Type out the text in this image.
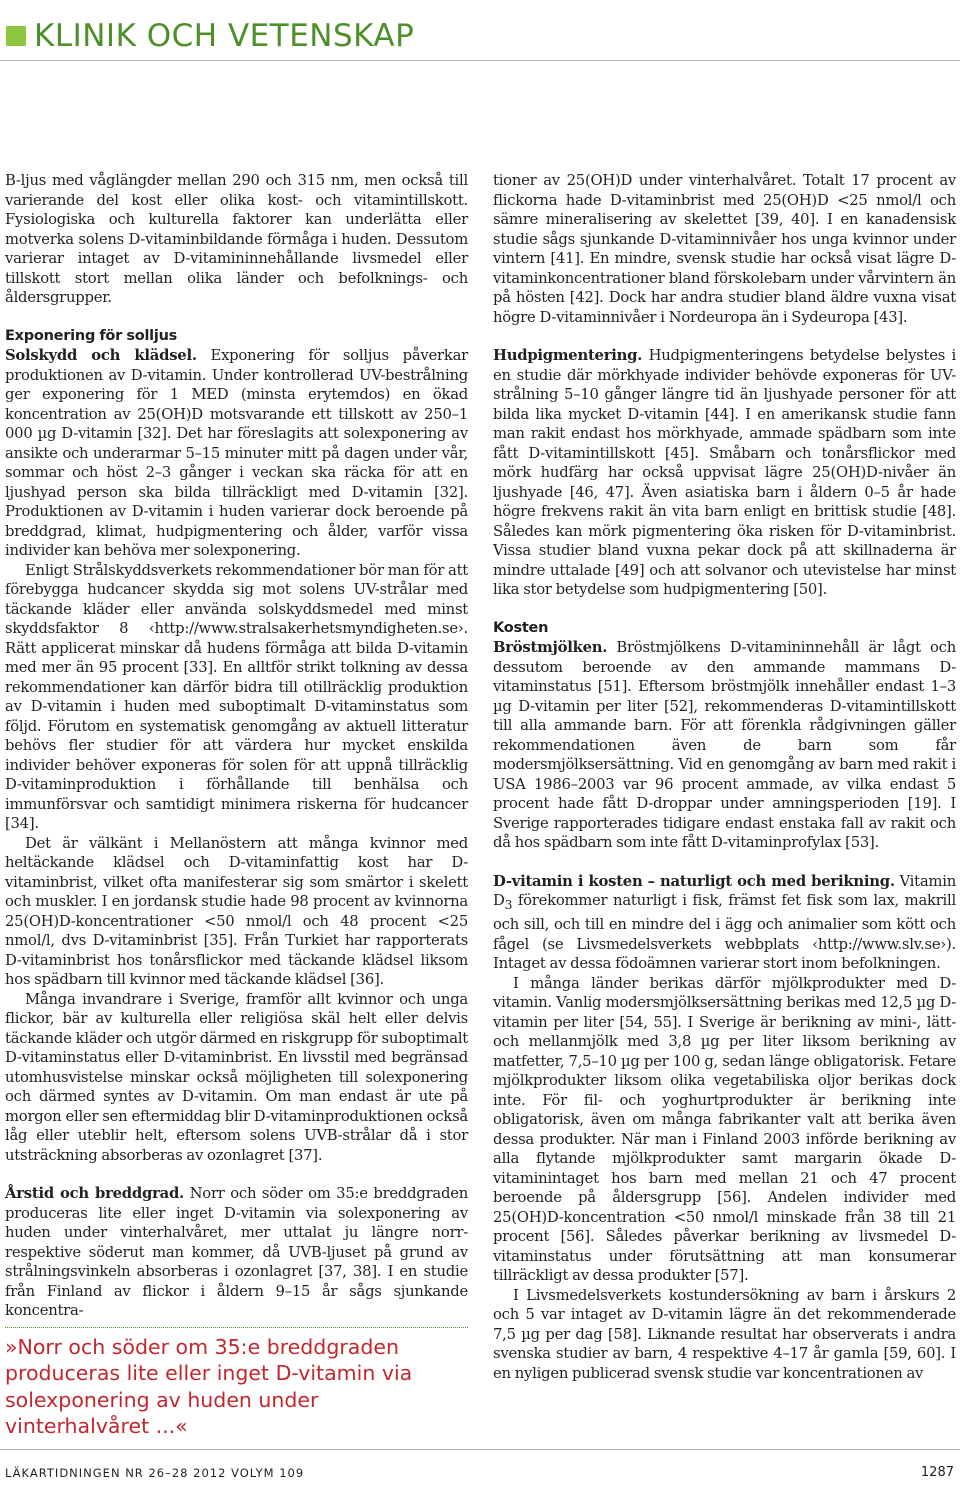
KLINIK OCH VETENSKAP

B-ljus med våglängder mellan 290 och 315 nm, men också till varierande del kost eller olika kost- och vitamintillskott. Fysiologiska och kulturella faktorer kan underlätta eller motverka solens D-vitaminbildande förmåga i huden. Dessutom varierar intaget av D-vitamininnehållande livsmedel eller tillskott stort mellan olika länder och befolknings- och åldersgrupper.

Exponering för solljus

Solskydd och klädsel. Exponering för solljus påverkar produktionen av D-vitamin. Under kontrollerad UV-bestrålning ger exponering för 1 MED (minsta erytemdos) en ökad koncentration av 25(OH)D motsvarande ett tillskott av 250–1 000 µg D-vitamin [32]. Det har föreslagits att solexponering av ansikte och underarmar 5–15 minuter mitt på dagen under vår, sommar och höst 2–3 gånger i veckan ska räcka för att en ljushyad person ska bilda tillräckligt med D-vitamin [32]. Produktionen av D-vitamin i huden varierar dock beroende på breddgrad, klimat, hudpigmentering och ålder, varför vissa individer kan behöva mer solexponering.

Enligt Strålskyddsverkets rekommendationer bör man för att förebygga hudcancer skydda sig mot solens UV-strålar med täckande kläder eller använda solskyddsmedel med minst skyddsfaktor 8 ‹http://www.stralsakerhetsmyndigheten.se›. Rätt applicerat minskar då hudens förmåga att bilda D-vitamin med mer än 95 procent [33]. En alltför strikt tolkning av dessa rekommendationer kan därför bidra till otillräcklig produktion av D-vitamin i huden med suboptimalt D-vitaminstatus som följd. Förutom en systematisk genomgång av aktuell litteratur behövs fler studier för att värdera hur mycket enskilda individer behöver exponeras för solen för att uppnå tillräcklig D-vitaminproduktion i förhållande till benhälsa och immunförsvar och samtidigt minimera riskerna för hudcancer [34].

Det är välkänt i Mellanöstern att många kvinnor med heltäckande klädsel och D-vitaminfattig kost har D-vitaminbrist, vilket ofta manifesterar sig som smärtor i skelett och muskler. I en jordansk studie hade 98 procent av kvinnorna 25(OH)D-koncentrationer <50 nmol/l och 48 procent <25 nmol/l, dvs D-vitaminbrist [35]. Från Turkiet har rapporterats D-vitaminbrist hos tonårsflickor med täckande klädsel liksom hos spädbarn till kvinnor med täckande klädsel [36].

Många invandrare i Sverige, framför allt kvinnor och unga flickor, bär av kulturella eller religiösa skäl helt eller delvis täckande kläder och utgör därmed en riskgrupp för suboptimalt D-vitaminstatus eller D-vitaminbrist. En livsstil med begränsad utomhusvistelse minskar också möjligheten till solexponering och därmed syntes av D-vitamin. Om man endast är ute på morgon eller sen eftermiddag blir D-vitaminproduktionen också låg eller uteblir helt, eftersom solens UVB-strålar då i stor utsträckning absorberas av ozonlagret [37].

Årstid och breddgrad. Norr och söder om 35:e breddgraden produceras lite eller inget D-vitamin via solexponering av huden under vinterhalvåret, mer uttalat ju längre norr- respektive söderut man kommer, då UVB-ljuset på grund av strålningsvinkeln absorberas i ozonlagret [37, 38]. I en studie från Finland av flickor i åldern 9–15 år sågs sjunkande koncentra-

»Norr och söder om 35:e breddgraden produceras lite eller inget D-vitamin via solexponering av huden under vinterhalvåret ...«

tioner av 25(OH)D under vinterhalvåret. Totalt 17 procent av flickorna hade D-vitaminbrist med 25(OH)D <25 nmol/l och sämre mineralisering av skelettet [39, 40]. I en kanadensisk studie sågs sjunkande D-vitaminnivåer hos unga kvinnor under vintern [41]. En mindre, svensk studie har också visat lägre D-vitaminkoncentrationer bland förskolebarn under vårvintern än på hösten [42]. Dock har andra studier bland äldre vuxna visat högre D-vitaminnivåer i Nordeuropa än i Sydeuropa [43].

Hudpigmentering. Hudpigmenteringens betydelse belystes i en studie där mörkhyade individer behövde exponeras för UV-strålning 5–10 gånger längre tid än ljushyade personer för att bilda lika mycket D-vitamin [44]. I en amerikansk studie fann man rakit endast hos mörkhyade, ammade spädbarn som inte fått D-vitamintillskott [45]. Småbarn och tonårsflickor med mörk hudfärg har också uppvisat lägre 25(OH)D-nivåer än ljushyade [46, 47]. Även asiatiska barn i åldern 0–5 år hade högre frekvens rakit än vita barn enligt en brittisk studie [48]. Således kan mörk pigmentering öka risken för D-vitaminbrist. Vissa studier bland vuxna pekar dock på att skillnaderna är mindre uttalade [49] och att solvanor och utevistelse har minst lika stor betydelse som hudpigmentering [50].

Kosten

Bröstmjölken. Bröstmjölkens D-vitamininnehåll är lågt och dessutom beroende av den ammande mammans D-vitaminstatus [51]. Eftersom bröstmjölk innehåller endast 1–3 µg D-vitamin per liter [52], rekommenderas D-vitamintillskott till alla ammande barn. För att förenkla rådgivningen gäller rekommendationen även de barn som får modersmjölksersättning. Vid en genomgång av barn med rakit i USA 1986–2003 var 96 procent ammade, av vilka endast 5 procent hade fått D-droppar under amningsperioden [19]. I Sverige rapporterades tidigare endast enstaka fall av rakit och då hos spädbarn som inte fått D-vitaminprofylax [53].

D-vitamin i kosten – naturligt och med berikning. Vitamin $D_3$ förekommer naturligt i fisk, främst fet fisk som lax, makrill och sill, och till en mindre del i ägg och animalier som kött och fågel (se Livsmedelsverkets webbplats ‹http://www.slv.se›). Intaget av dessa födoämnen varierar stort inom befolkningen.

I många länder berikas därför mjölkprodukter med D-vitamin. Vanlig modersmjölksersättning berikas med 12,5 µg D-vitamin per liter [54, 55]. I Sverige är berikning av mini-, lätt- och mellanmjölk med 3,8 µg per liter liksom berikning av matfetter, 7,5–10 µg per 100 g, sedan länge obligatorisk. Fetare mjölkprodukter liksom olika vegetabiliska oljor berikas dock inte. För fil- och yoghurtprodukter är berikning inte obligatorisk, även om många fabrikanter valt att berika även dessa produkter. När man i Finland 2003 införde berikning av alla flytande mjölkprodukter samt margarin ökade D-vitaminintaget hos barn med mellan 21 och 47 procent beroende på åldersgrupp [56]. Andelen individer med 25(OH)D-koncentration <50 nmol/l minskade från 38 till 21 procent [56]. Således påverkar berikning av livsmedel D-vitaminstatus under förutsättning att man konsumerar tillräckligt av dessa produkter [57].

I Livsmedelsverkets kostundersökning av barn i årskurs 2 och 5 var intaget av D-vitamin lägre än det rekommenderade 7,5 µg per dag [58]. Liknande resultat har observerats i andra svenska studier av barn, 4 respektive 4–17 år gamla [59, 60]. I en nyligen publicerad svensk studie var koncentrationen av

LÄKARTIDNINGEN NR 26–28 2012 VOLYM 109	1287
